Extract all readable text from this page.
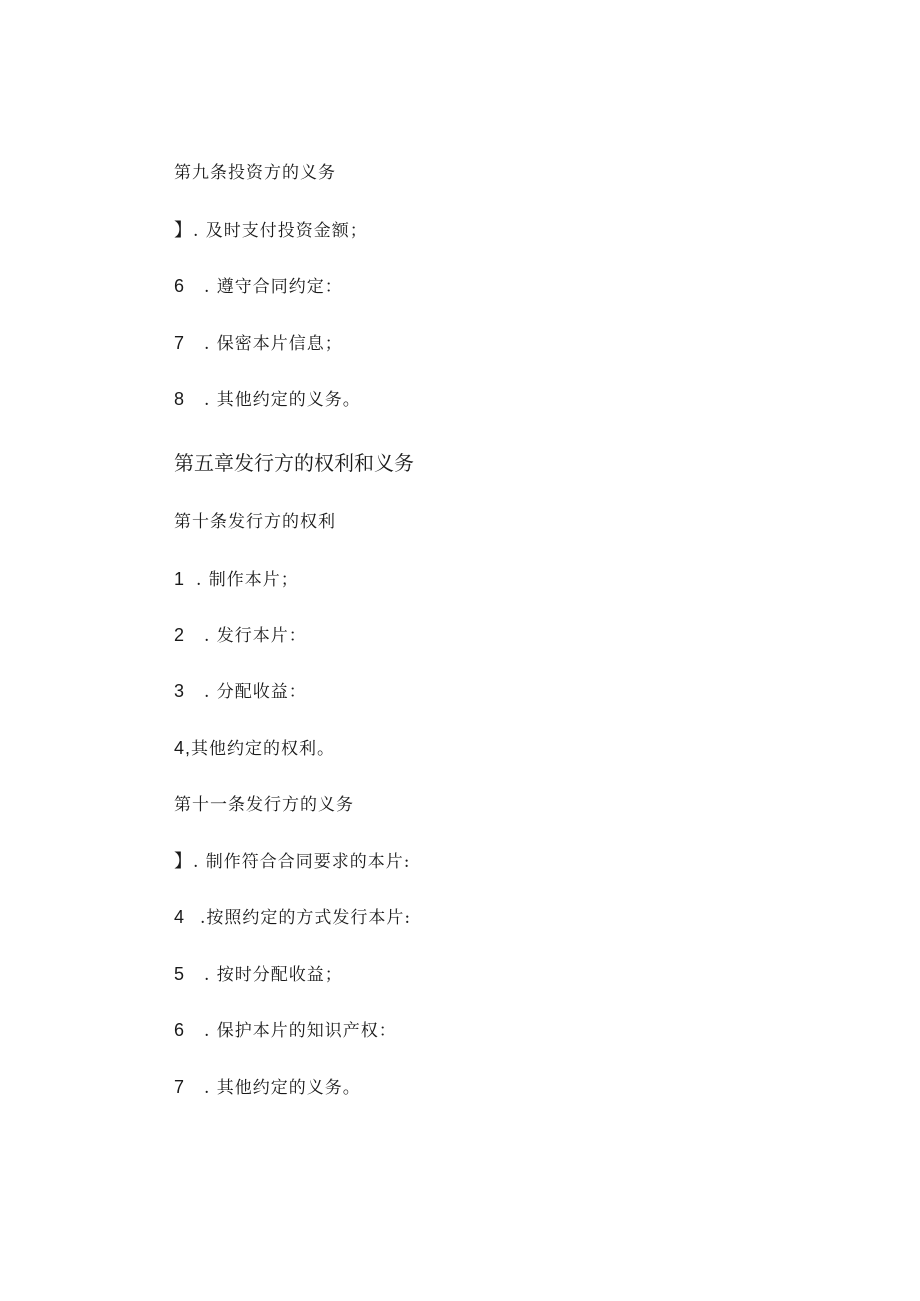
第九条投资方的义务
】. 及时支付投资金额；
6 . 遵守合同约定：
7 . 保密本片信息；
8 . 其他约定的义务。
第五章发行方的权利和义务
第十条发行方的权利
1 . 制作本片；
2 . 发行本片：
3 . 分配收益：
4,其他约定的权利。
第十一条发行方的义务
】. 制作符合合同要求的本片:
4 .按照约定的方式发行本片:
5 . 按时分配收益；
6 . 保护本片的知识产权：
7 . 其他约定的义务。
